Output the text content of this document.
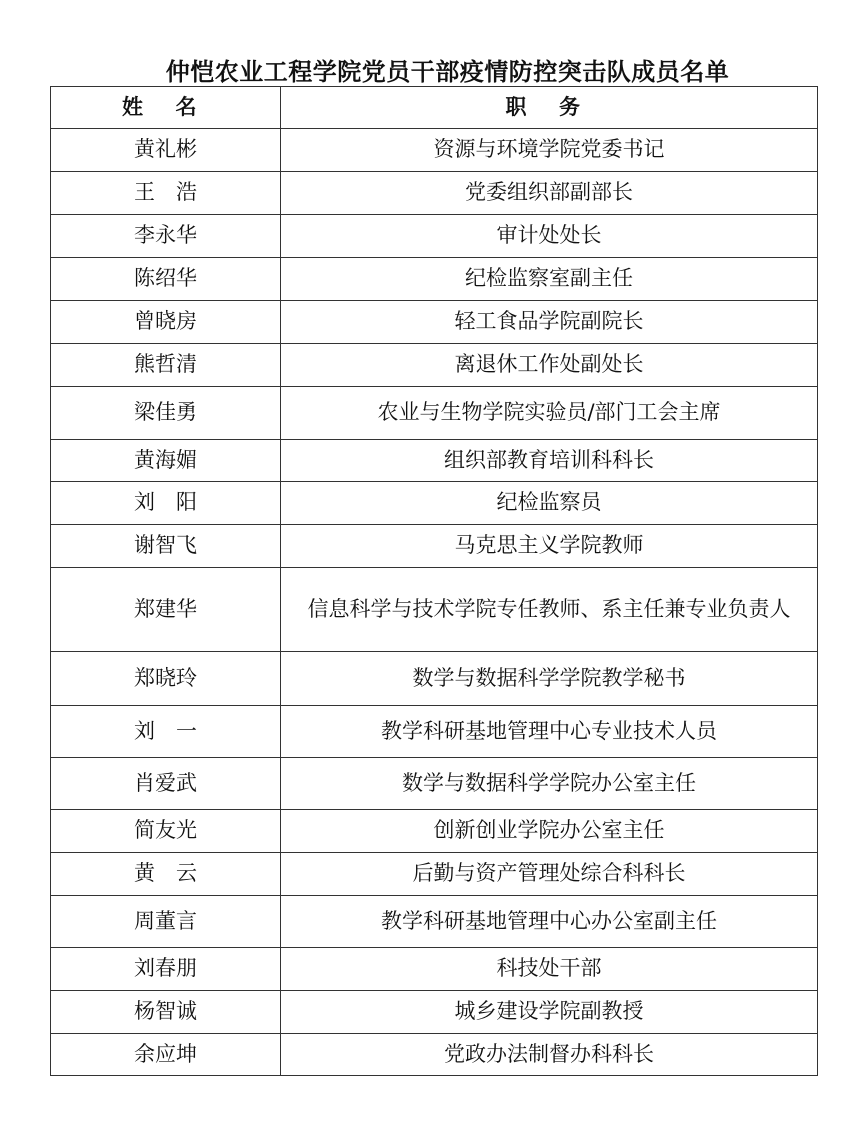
仲恺农业工程学院党员干部疫情防控突击队成员名单
姓 名	职 务
黄礼彬	资源与环境学院党委书记
王　浩	党委组织部副部长
李永华	审计处处长
陈绍华	纪检监察室副主任
曾晓房	轻工食品学院副院长
熊哲清	离退休工作处副处长
梁佳勇	农业与生物学院实验员/部门工会主席
黄海媚	组织部教育培训科科长
刘　阳	纪检监察员
谢智飞	马克思主义学院教师
郑建华	信息科学与技术学院专任教师、系主任兼专业负责人
郑晓玲	数学与数据科学学院教学秘书
刘　一	教学科研基地管理中心专业技术人员
肖爱武	数学与数据科学学院办公室主任
简友光	创新创业学院办公室主任
黄　云	后勤与资产管理处综合科科长
周董言	教学科研基地管理中心办公室副主任
刘春朋	科技处干部
杨智诚	城乡建设学院副教授
余应坤	党政办法制督办科科长
